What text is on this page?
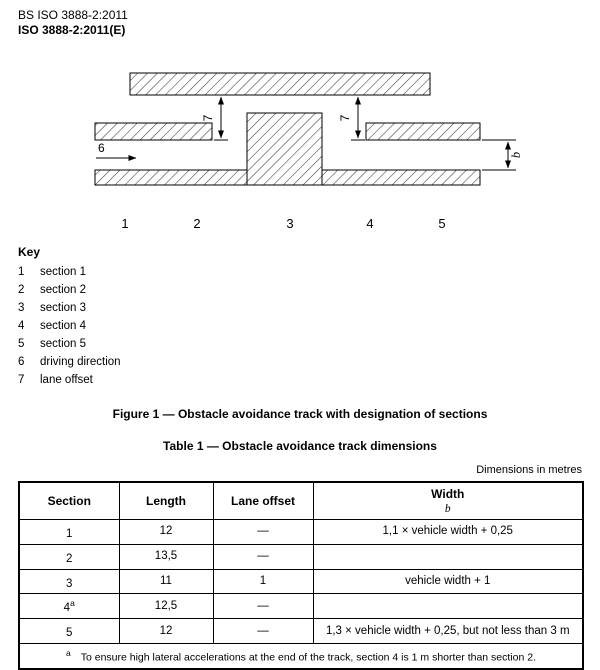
BS ISO 3888-2:2011
ISO 3888-2:2011(E)
7	7
b
6
1	2	3	4	5
Key
1	section 1
2	section 2
3	section 3
4	section 4
5	section 5
6	driving direction
7	lane offset
Figure 1 — Obstacle avoidance track with designation of sections
Table 1 — Obstacle avoidance track dimensions
Dimensions in metres
Section	Length	Lane offset	Width
b

1	12	—	1,1 × vehicle width + 0,25
2	13,5	—	
3	11	1	vehicle width + 1
4$^a$	12,5	—	
5	12	—	1,3 × vehicle width + 0,25, but not less than 3 m
$^a$ To ensure high lateral accelerations at the end of the track, section 4 is 1 m shorter than section 2.			
